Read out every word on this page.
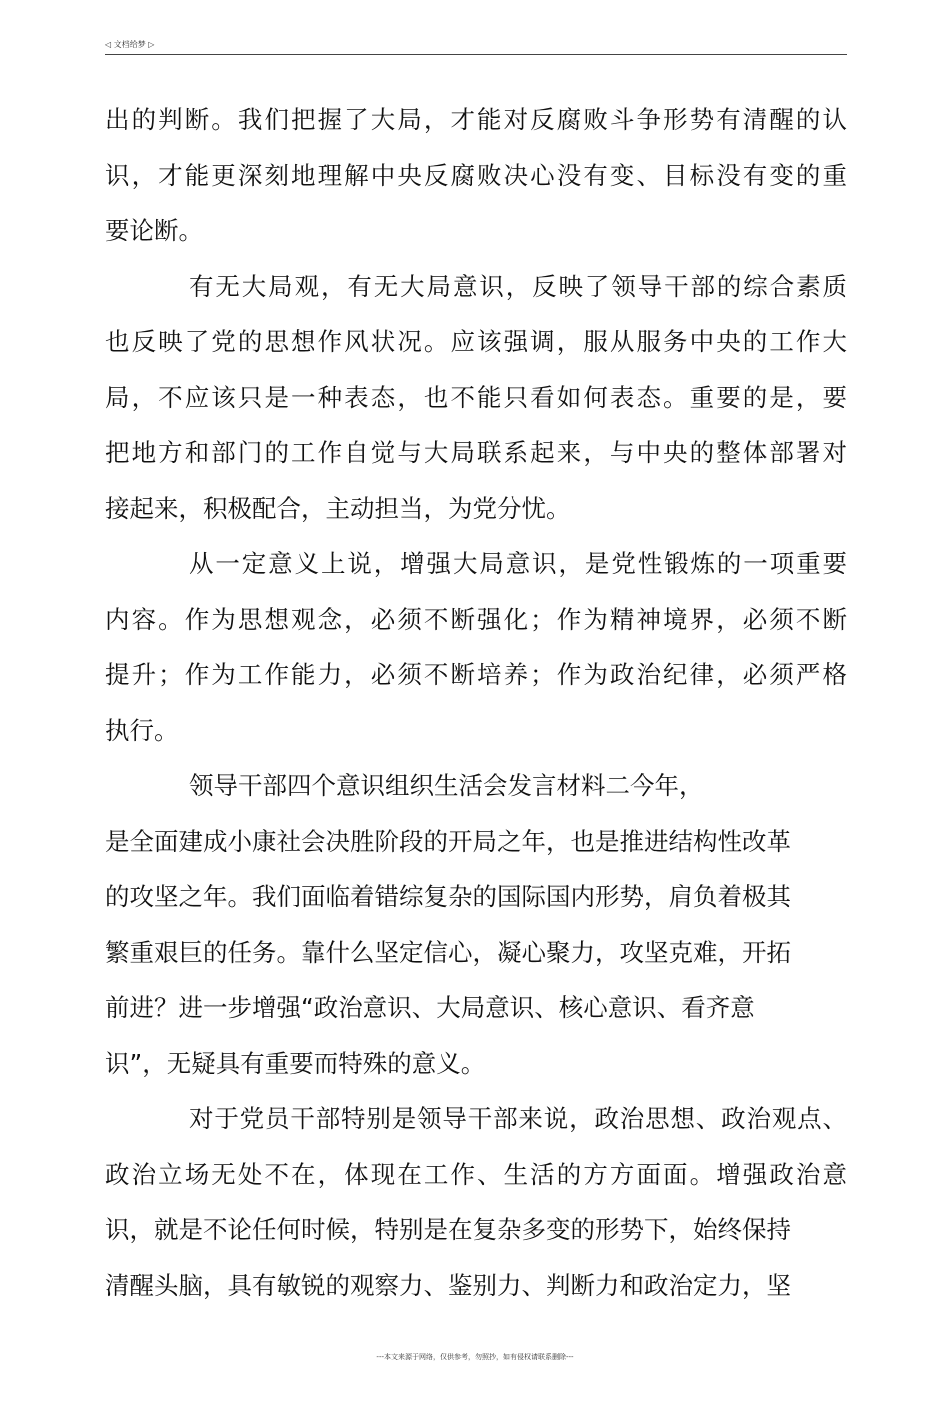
◁ 文档给梦 ▷
出的判断。我们把握了大局，才能对反腐败斗争形势有清醒的认
识，才能更深刻地理解中央反腐败决心没有变、目标没有变的重
要论断。
有无大局观，有无大局意识，反映了领导干部的综合素质
也反映了党的思想作风状况。应该强调，服从服务中央的工作大
局，不应该只是一种表态，也不能只看如何表态。重要的是，要
把地方和部门的工作自觉与大局联系起来，与中央的整体部署对
接起来，积极配合，主动担当，为党分忧。
从一定意义上说，增强大局意识，是党性锻炼的一项重要
内容。作为思想观念，必须不断强化；作为精神境界，必须不断
提升；作为工作能力，必须不断培养；作为政治纪律，必须严格
执行。
领导干部四个意识组织生活会发言材料二今年，
是全面建成小康社会决胜阶段的开局之年，也是推进结构性改革
的攻坚之年。我们面临着错综复杂的国际国内形势，肩负着极其
繁重艰巨的任务。靠什么坚定信心，凝心聚力，攻坚克难，开拓
前进？进一步增强“政治意识、大局意识、核心意识、看齐意
识”，无疑具有重要而特殊的意义。
对于党员干部特别是领导干部来说，政治思想、政治观点、
政治立场无处不在，体现在工作、生活的方方面面。增强政治意
识，就是不论任何时候，特别是在复杂多变的形势下，始终保持
清醒头脑，具有敏锐的观察力、鉴别力、判断力和政治定力，坚
---本文来源于网络，仅供参考，勿照抄，如有侵权请联系删除---
